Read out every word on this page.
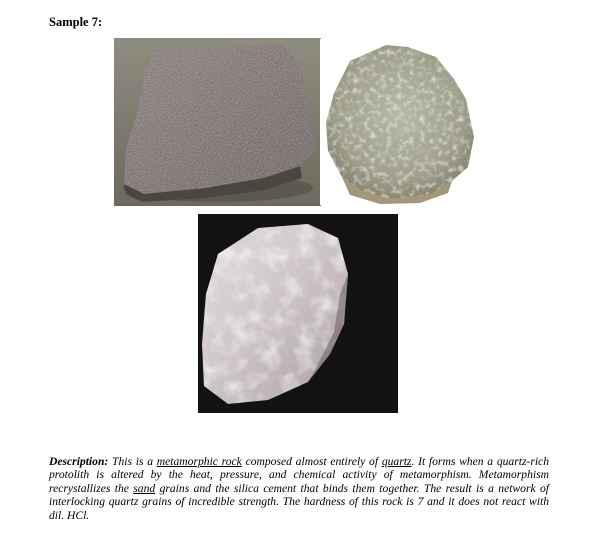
Sample 7:

Description: This is a metamorphic rock composed almost entirely of quartz. It forms when a quartz-rich protolith is altered by the heat, pressure, and chemical activity of metamorphism. Metamorphism recrystallizes the sand grains and the silica cement that binds them together. The result is a network of interlocking quartz grains of incredible strength. The hardness of this rock is 7 and it does not react with dil. HCl.
